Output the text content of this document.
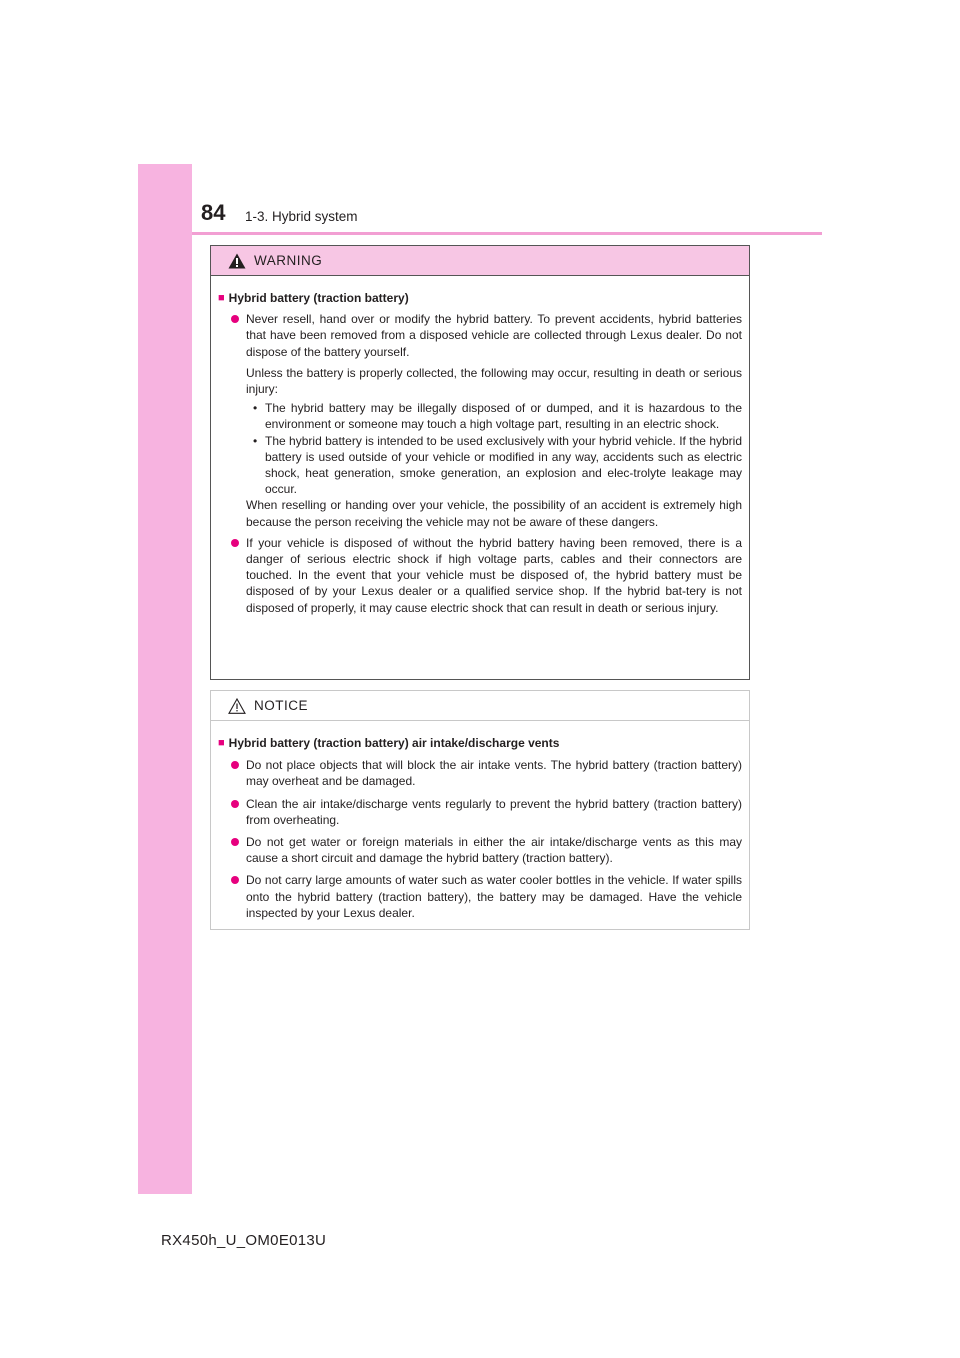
84 1-3. Hybrid system
WARNING
■ Hybrid battery (traction battery)
Never resell, hand over or modify the hybrid battery. To prevent accidents, hybrid batteries that have been removed from a disposed vehicle are collected through Lexus dealer. Do not dispose of the battery yourself.
Unless the battery is properly collected, the following may occur, resulting in death or serious injury:
• The hybrid battery may be illegally disposed of or dumped, and it is hazardous to the environment or someone may touch a high voltage part, resulting in an electric shock.
• The hybrid battery is intended to be used exclusively with your hybrid vehicle. If the hybrid battery is used outside of your vehicle or modified in any way, accidents such as electric shock, heat generation, smoke generation, an explosion and elec-trolyte leakage may occur.
When reselling or handing over your vehicle, the possibility of an accident is extremely high because the person receiving the vehicle may not be aware of these dangers.
If your vehicle is disposed of without the hybrid battery having been removed, there is a danger of serious electric shock if high voltage parts, cables and their connectors are touched. In the event that your vehicle must be disposed of, the hybrid battery must be disposed of by your Lexus dealer or a qualified service shop. If the hybrid bat-tery is not disposed of properly, it may cause electric shock that can result in death or serious injury.
NOTICE
■ Hybrid battery (traction battery) air intake/discharge vents
Do not place objects that will block the air intake vents. The hybrid battery (traction battery) may overheat and be damaged.
Clean the air intake/discharge vents regularly to prevent the hybrid battery (traction battery) from overheating.
Do not get water or foreign materials in either the air intake/discharge vents as this may cause a short circuit and damage the hybrid battery (traction battery).
Do not carry large amounts of water such as water cooler bottles in the vehicle. If water spills onto the hybrid battery (traction battery), the battery may be damaged. Have the vehicle inspected by your Lexus dealer.
RX450h_U_OM0E013U
